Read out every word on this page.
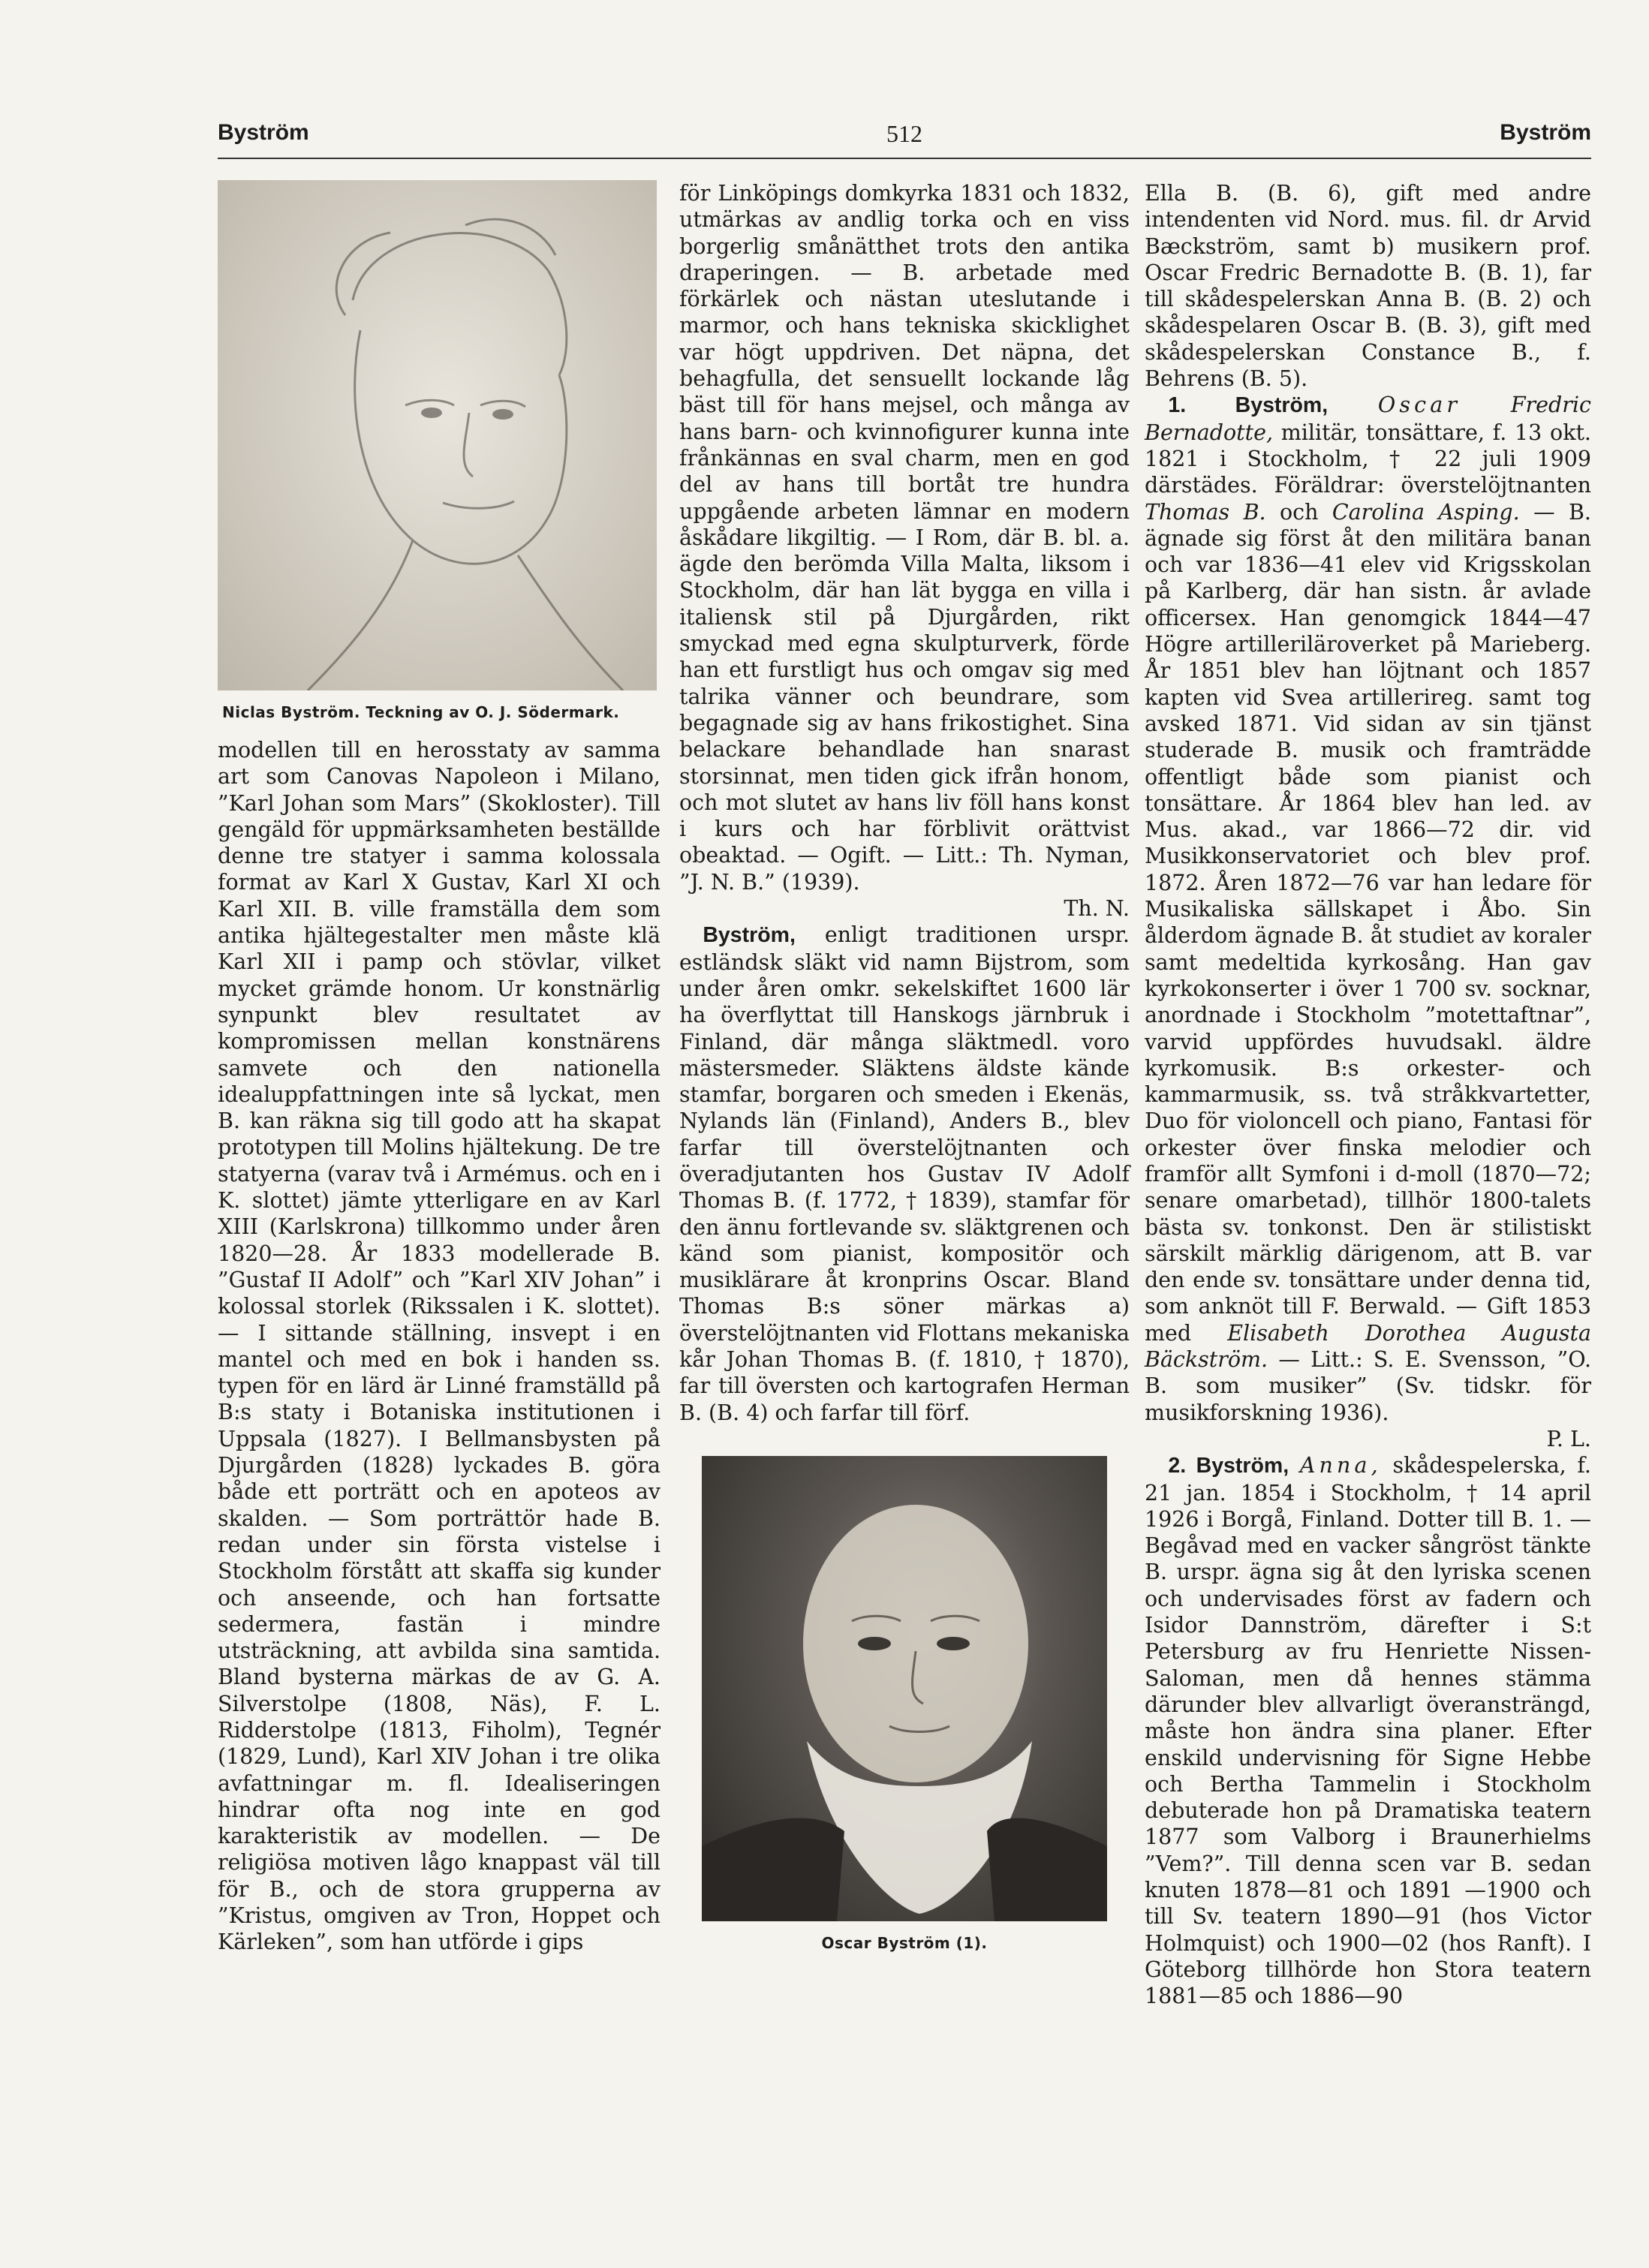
Byström	512	Byström
Niclas Byström. Teckning av O. J. Södermark.

modellen till en herosstaty av samma art som Canovas Napoleon i Milano, ”Karl Johan som Mars” (Skokloster). Till gengäld för uppmärksamheten beställde denne tre statyer i samma kolossala format av Karl X Gustav, Karl XI och Karl XII. B. ville framställa dem som antika hjältegestalter men måste klä Karl XII i pamp och stövlar, vilket mycket grämde honom. Ur konstnärlig synpunkt blev resultatet av kompromissen mellan konstnärens samvete och den nationella idealuppfattningen inte så lyckat, men B. kan räkna sig till godo att ha skapat prototypen till Molins hjältekung. De tre statyerna (varav två i Armémus. och en i K. slottet) jämte ytterligare en av Karl XIII (Karlskrona) tillkommo under åren 1820—28. År 1833 modellerade B. ”Gustaf II Adolf” och ”Karl XIV Johan” i kolossal storlek (Rikssalen i K. slottet). — I sittande ställning, insvept i en mantel och med en bok i handen ss. typen för en lärd är Linné framställd på B:s staty i Botaniska institutionen i Uppsala (1827). I Bellmansbysten på Djurgården (1828) lyckades B. göra både ett porträtt och en apoteos av skalden. — Som porträttör hade B. redan under sin första vistelse i Stockholm förstått att skaffa sig kunder och anseende, och han fortsatte sedermera, fastän i mindre utsträckning, att avbilda sina samtida. Bland bysterna märkas de av G. A. Silverstolpe (1808, Näs), F. L. Ridderstolpe (1813, Fiholm), Tegnér (1829, Lund), Karl XIV Johan i tre olika avfattningar m. fl. Idealiseringen hindrar ofta nog inte en god karakteristik av modellen. — De religiösa motiven lågo knappast väl till för B., och de stora grupperna av ”Kristus, omgiven av Tron, Hoppet och Kärleken”, som han utförde i gips

för Linköpings domkyrka 1831 och 1832, utmärkas av andlig torka och en viss borgerlig smånätthet trots den antika draperingen. — B. arbetade med förkärlek och nästan uteslutande i marmor, och hans tekniska skicklighet var högt uppdriven. Det näpna, det behagfulla, det sensuellt lockande låg bäst till för hans mejsel, och många av hans barn- och kvinnofigurer kunna inte frånkännas en sval charm, men en god del av hans till bortåt tre hundra uppgående arbeten lämnar en modern åskådare likgiltig. — I Rom, där B. bl. a. ägde den berömda Villa Malta, liksom i Stockholm, där han lät bygga en villa i italiensk stil på Djurgården, rikt smyckad med egna skulpturverk, förde han ett furstligt hus och omgav sig med talrika vänner och beundrare, som begagnade sig av hans frikostighet. Sina belackare behandlade han snarast storsinnat, men tiden gick ifrån honom, och mot slutet av hans liv föll hans konst i kurs och har förblivit orättvist obeaktad. — Ogift. — Litt.: Th. Nyman, ”J. N. B.” (1939).

Th. N.

Byström, enligt traditionen urspr. estländsk släkt vid namn Bijstrom, som under åren omkr. sekelskiftet 1600 lär ha överflyttat till Hanskogs järnbruk i Finland, där många släktmedl. voro mästersmeder. Släktens äldste kände stamfar, borgaren och smeden i Ekenäs, Nylands län (Finland), Anders B., blev farfar till överstelöjtnanten och överadjutanten hos Gustav IV Adolf Thomas B. (f. 1772, † 1839), stamfar för den ännu fortlevande sv. släktgrenen och känd som pianist, kompositör och musiklärare åt kronprins Oscar. Bland Thomas B:s söner märkas a) överstelöjtnanten vid Flottans mekaniska kår Johan Thomas B. (f. 1810, † 1870), far till översten och kartografen Herman B. (B. 4) och farfar till förf.

Oscar Byström (1).

Ella B. (B. 6), gift med andre intendenten vid Nord. mus. fil. dr Arvid Bæckström, samt b) musikern prof. Oscar Fredric Bernadotte B. (B. 1), far till skådespelerskan Anna B. (B. 2) och skådespelaren Oscar B. (B. 3), gift med skådespelerskan Constance B., f. Behrens (B. 5).

1. Byström, Oscar Fredric Bernadotte, militär, tonsättare, f. 13 okt. 1821 i Stockholm, † 22 juli 1909 därstädes. Föräldrar: överstelöjtnanten Thomas B. och Carolina Asping. — B. ägnade sig först åt den militära banan och var 1836—41 elev vid Krigsskolan på Karlberg, där han sistn. år avlade officersex. Han genomgick 1844—47 Högre artilleriläroverket på Marieberg. År 1851 blev han löjtnant och 1857 kapten vid Svea artillerireg. samt tog avsked 1871. Vid sidan av sin tjänst studerade B. musik och framträdde offentligt både som pianist och tonsättare. År 1864 blev han led. av Mus. akad., var 1866—72 dir. vid Musikkonservatoriet och blev prof. 1872. Åren 1872—76 var han ledare för Musikaliska sällskapet i Åbo. Sin ålderdom ägnade B. åt studiet av koraler samt medeltida kyrkosång. Han gav kyrkokonserter i över 1 700 sv. socknar, anordnade i Stockholm ”motettaftnar”, varvid uppfördes huvudsakl. äldre kyrkomusik. B:s orkester- och kammarmusik, ss. två stråkkvartetter, Duo för violoncell och piano, Fantasi för orkester över finska melodier och framför allt Symfoni i d-moll (1870—72; senare omarbetad), tillhör 1800-talets bästa sv. tonkonst. Den är stilistiskt särskilt märklig därigenom, att B. var den ende sv. tonsättare under denna tid, som anknöt till F. Berwald. — Gift 1853 med Elisabeth Dorothea Augusta Bäckström. — Litt.: S. E. Svensson, ”O. B. som musiker” (Sv. tidskr. för musikforskning 1936).

P. L.

2. Byström, Anna, skådespelerska, f. 21 jan. 1854 i Stockholm, † 14 april 1926 i Borgå, Finland. Dotter till B. 1. — Begåvad med en vacker sångröst tänkte B. urspr. ägna sig åt den lyriska scenen och undervisades först av fadern och Isidor Dannström, därefter i S:t Petersburg av fru Henriette Nissen-Saloman, men då hennes stämma därunder blev allvarligt överansträngd, måste hon ändra sina planer. Efter enskild undervisning för Signe Hebbe och Bertha Tammelin i Stockholm debuterade hon på Dramatiska teatern 1877 som Valborg i Braunerhielms ”Vem?”. Till denna scen var B. sedan knuten 1878—81 och 1891 —1900 och till Sv. teatern 1890—91 (hos Victor Holmquist) och 1900—02 (hos Ranft). I Göteborg tillhörde hon Stora teatern 1881—85 och 1886—90
